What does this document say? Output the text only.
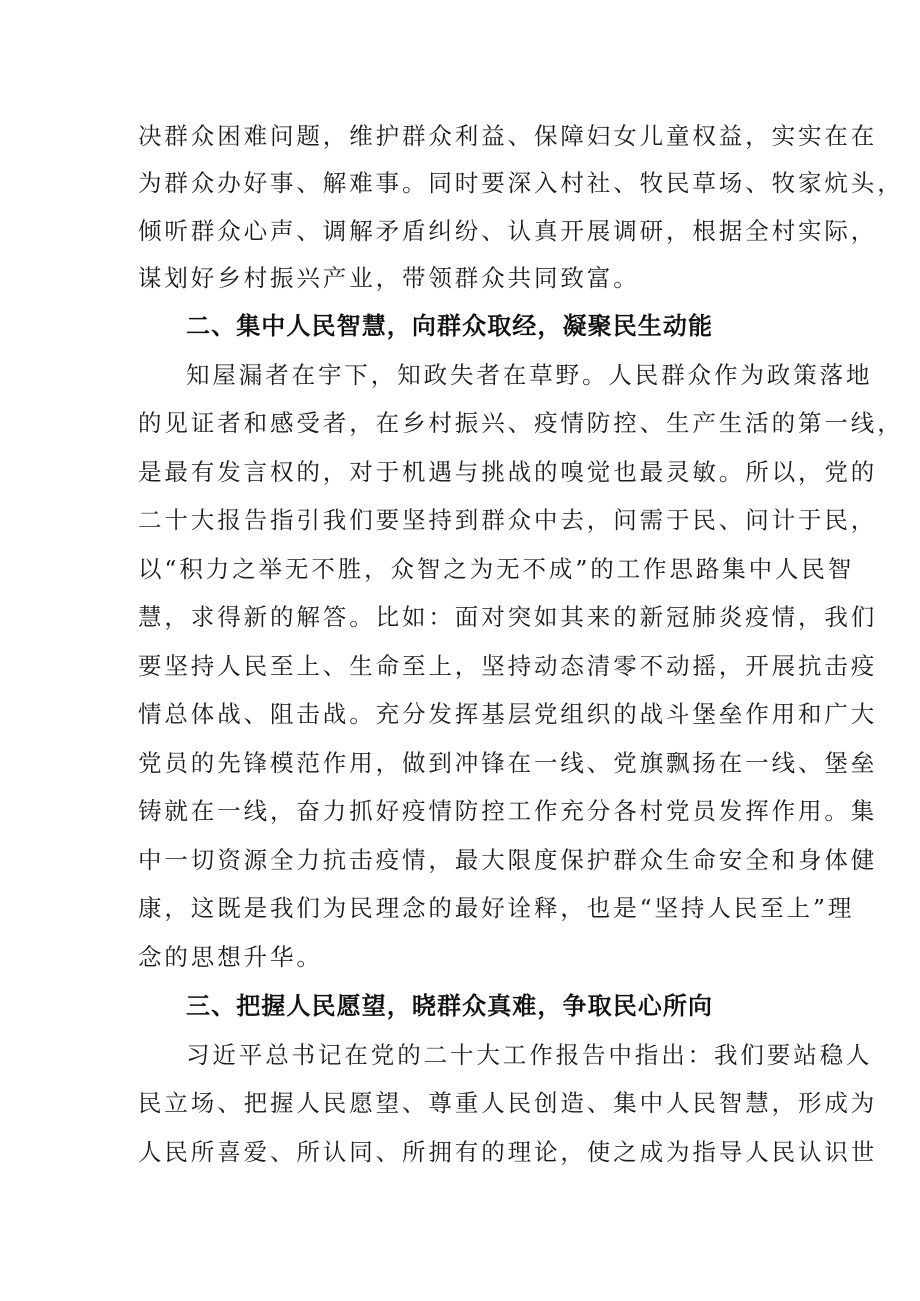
决群众困难问题，维护群众利益、保障妇女儿童权益，实实在在
为群众办好事、解难事。同时要深入村社、牧民草场、牧家炕头，
倾听群众心声、调解矛盾纠纷、认真开展调研，根据全村实际，
谋划好乡村振兴产业，带领群众共同致富。
二、集中人民智慧，向群众取经，凝聚民生动能
知屋漏者在宇下，知政失者在草野。人民群众作为政策落地
的见证者和感受者，在乡村振兴、疫情防控、生产生活的第一线，
是最有发言权的，对于机遇与挑战的嗅觉也最灵敏。所以，党的
二十大报告指引我们要坚持到群众中去，问需于民、问计于民，
以“积力之举无不胜，众智之为无不成”的工作思路集中人民智
慧，求得新的解答。比如：面对突如其来的新冠肺炎疫情，我们
要坚持人民至上、生命至上，坚持动态清零不动摇，开展抗击疫
情总体战、阻击战。充分发挥基层党组织的战斗堡垒作用和广大
党员的先锋模范作用，做到冲锋在一线、党旗飘扬在一线、堡垒
铸就在一线，奋力抓好疫情防控工作充分各村党员发挥作用。集
中一切资源全力抗击疫情，最大限度保护群众生命安全和身体健
康，这既是我们为民理念的最好诠释，也是“坚持人民至上”理
念的思想升华。
三、把握人民愿望，晓群众真难，争取民心所向
习近平总书记在党的二十大工作报告中指出：我们要站稳人
民立场、把握人民愿望、尊重人民创造、集中人民智慧，形成为
人民所喜爱、所认同、所拥有的理论，使之成为指导人民认识世
